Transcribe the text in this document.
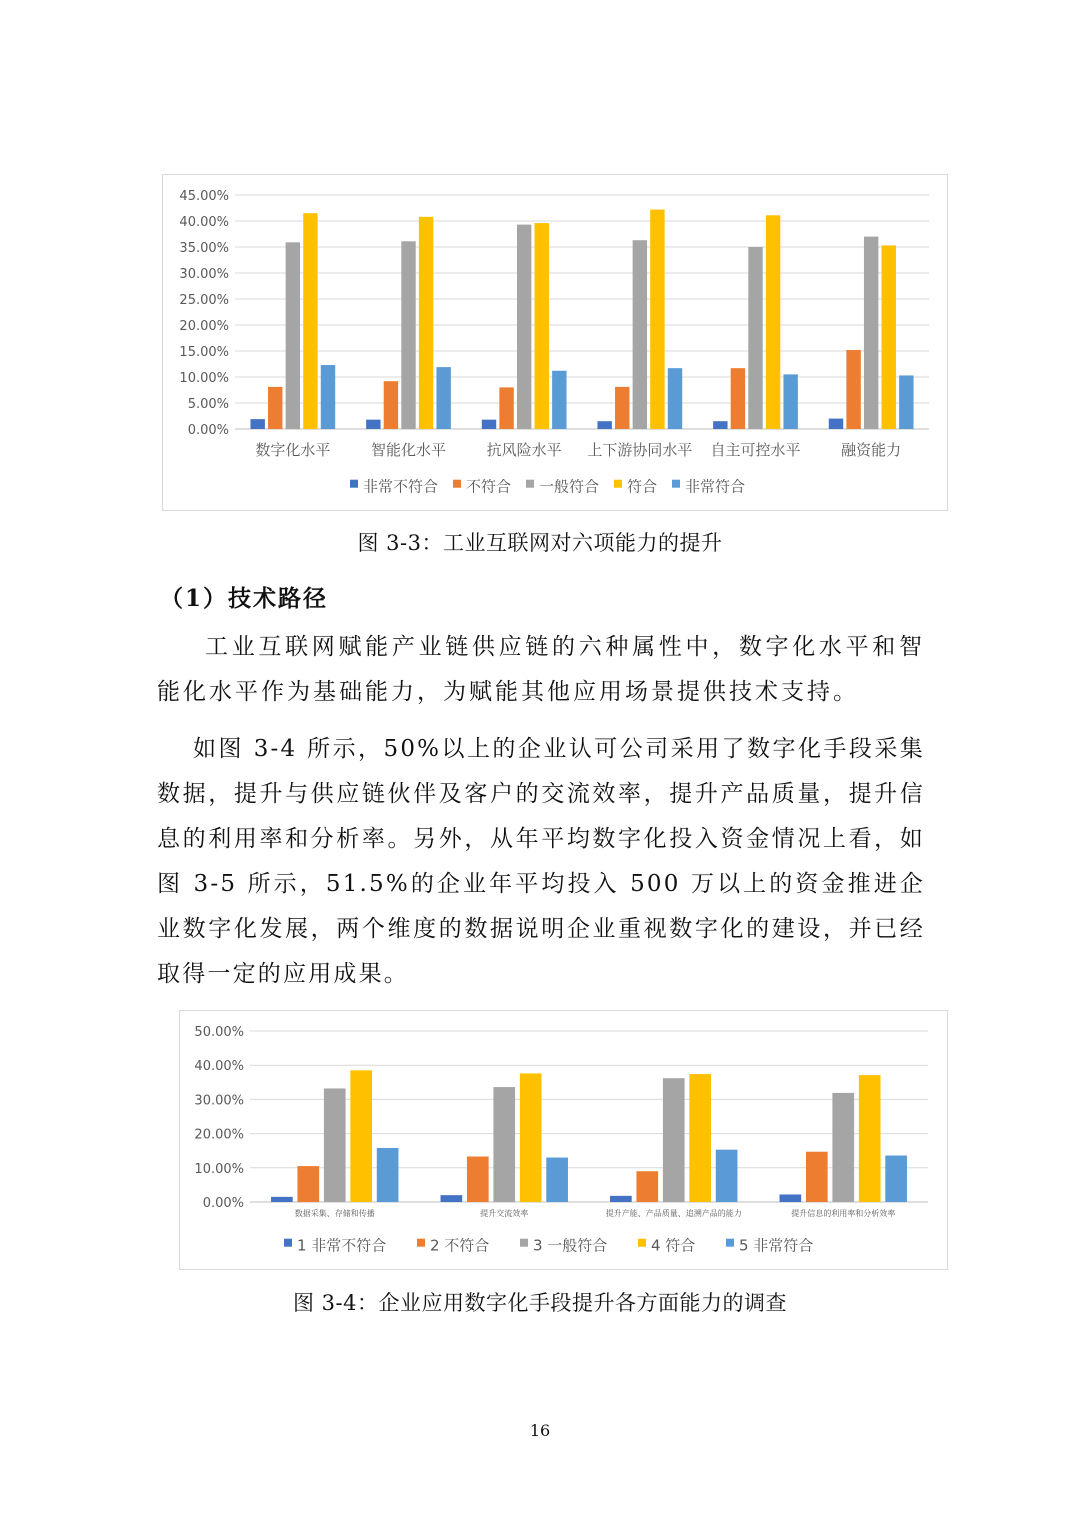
0.00%
5.00%
10.00%
15.00%
20.00%
25.00%
30.00%
35.00%
40.00%
45.00%
数字化水平	智能化水平	抗风险水平 上下游协同水平 自主可控水平	融资能力
非常不符合 不符合 一般符合 符合 非常符合
图 3-3：工业互联网对六项能力的提升
（1）技术路径

工业互联网赋能产业链供应链的六种属性中，数字化水平和智能化水平作为基础能力，为赋能其他应用场景提供技术支持。

如图 3-4 所示，50%以上的企业认可公司采用了数字化手段采集数据，提升与供应链伙伴及客户的交流效率，提升产品质量，提升信息的利用率和分析率。另外，从年平均数字化投入资金情况上看，如图 3-5 所示，51.5%的企业年平均投入 500 万以上的资金推进企业数字化发展，两个维度的数据说明企业重视数字化的建设，并已经取得一定的应用成果。

0.00%
10.00%
20.00%
30.00%
40.00%
50.00%
数据采集、存储和传播	提升交流效率	提升产能、产品质量、追溯产品的能力	提升信息的利用率和分析效率
1 非常不符合	2 不符合	3 一般符合	4 符合	5 非常符合
图 3-4：企业应用数字化手段提升各方面能力的调查
16
